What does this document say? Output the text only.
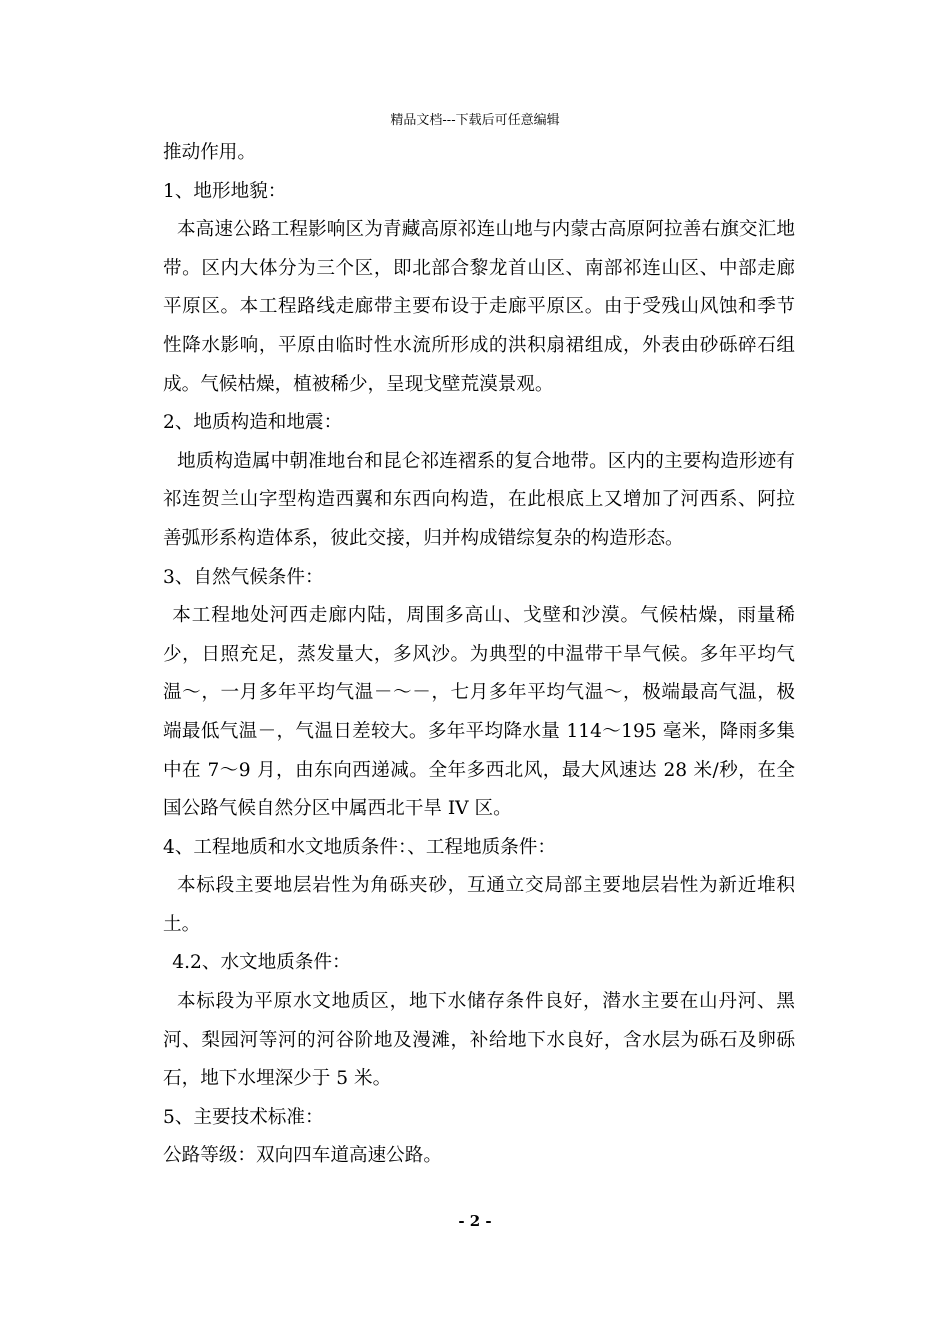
精品文档---下载后可任意编辑

推动作用。

1、地形地貌：

本高速公路工程影响区为青藏高原祁连山地与内蒙古高原阿拉善右旗交汇地带。区内大体分为三个区，即北部合黎龙首山区、南部祁连山区、中部走廊平原区。本工程路线走廊带主要布设于走廊平原区。由于受残山风蚀和季节性降水影响，平原由临时性水流所形成的洪积扇裙组成，外表由砂砾碎石组成。气候枯燥，植被稀少，呈现戈壁荒漠景观。

2、地质构造和地震：

地质构造属中朝准地台和昆仑祁连褶系的复合地带。区内的主要构造形迹有祁连贺兰山字型构造西翼和东西向构造，在此根底上又增加了河西系、阿拉善弧形系构造体系，彼此交接，归并构成错综复杂的构造形态。

3、自然气候条件：

本工程地处河西走廊内陆，周围多高山、戈壁和沙漠。气候枯燥，雨量稀少，日照充足，蒸发量大，多风沙。为典型的中温带干旱气候。多年平均气温～，一月多年平均气温－～－，七月多年平均气温～，极端最高气温，极端最低气温－，气温日差较大。多年平均降水量 114～195 毫米，降雨多集中在 7～9 月，由东向西递减。全年多西北风，最大风速达 28 米/秒，在全国公路气候自然分区中属西北干旱 IV 区。

4、工程地质和水文地质条件：、工程地质条件：

本标段主要地层岩性为角砾夹砂，互通立交局部主要地层岩性为新近堆积土。

4.2、水文地质条件：

本标段为平原水文地质区，地下水储存条件良好，潜水主要在山丹河、黑河、梨园河等河的河谷阶地及漫滩，补给地下水良好，含水层为砾石及卵砾石，地下水埋深少于 5 米。

5、主要技术标准：

公路等级：双向四车道高速公路。

- 2 -
